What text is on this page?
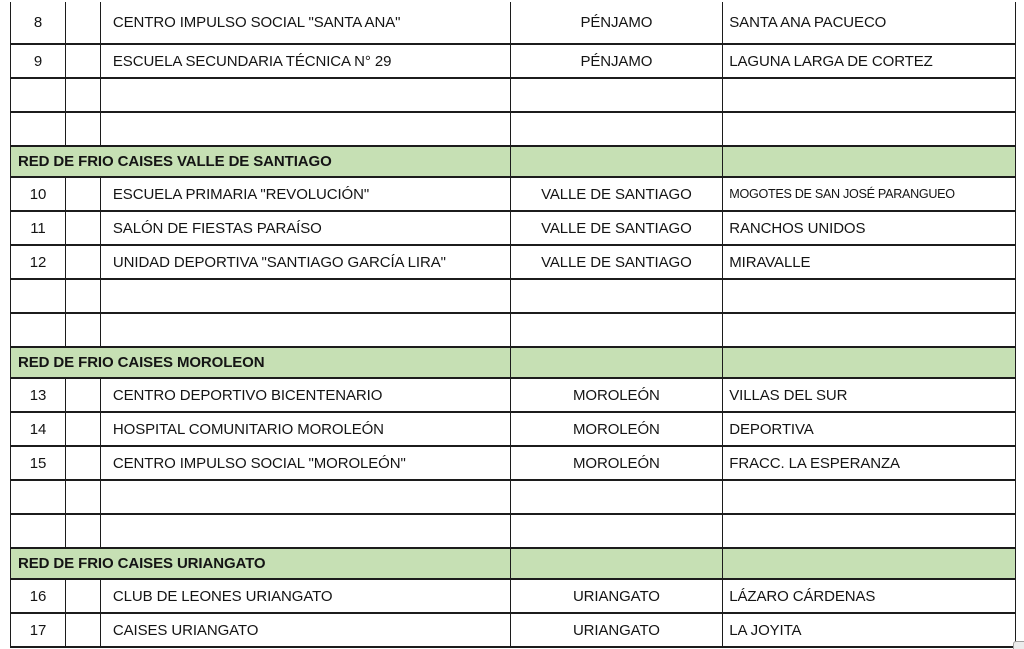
8	CENTRO IMPULSO SOCIAL "SANTA ANA"	PÉNJAMO	SANTA ANA PACUECO
9	ESCUELA SECUNDARIA TÉCNICA N° 29	PÉNJAMO	LAGUNA LARGA DE CORTEZ
RED DE FRIO CAISES VALLE DE SANTIAGO
10	ESCUELA PRIMARIA "REVOLUCIÓN"	VALLE DE SANTIAGO	MOGOTES DE SAN JOSÉ PARANGUEO
11	SALÓN DE FIESTAS PARAÍSO	VALLE DE SANTIAGO	RANCHOS UNIDOS
12	UNIDAD DEPORTIVA "SANTIAGO GARCÍA LIRA"	VALLE DE SANTIAGO	MIRAVALLE
RED DE FRIO CAISES MOROLEON
13	CENTRO DEPORTIVO BICENTENARIO	MOROLEÓN	VILLAS DEL SUR
14	HOSPITAL COMUNITARIO MOROLEÓN	MOROLEÓN	DEPORTIVA
15	CENTRO IMPULSO SOCIAL "MOROLEÓN"	MOROLEÓN	FRACC. LA ESPERANZA
RED DE FRIO CAISES URIANGATO
16	CLUB DE LEONES URIANGATO	URIANGATO	LÁZARO CÁRDENAS
17	CAISES URIANGATO	URIANGATO	LA JOYITA
